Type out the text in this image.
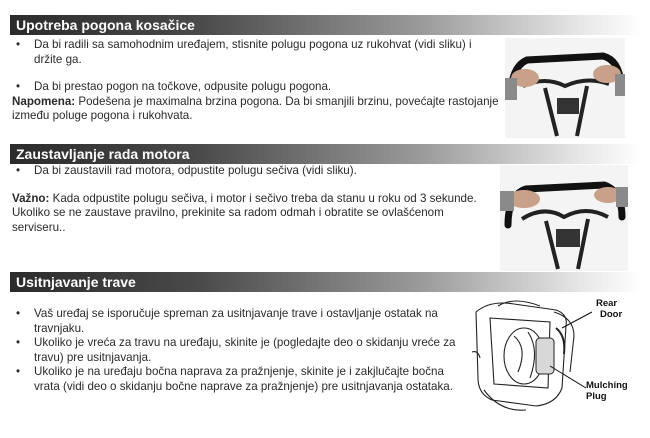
Upotreba pogona kosačice
• Da bi radili sa samohodnim uređajem, stisnite polugu pogona uz rukohvat (vidi sliku) i držite ga.
• Da bi prestao pogon na točkove, odpusite polugu pogona.
Napomena: Podešena je maximalna brzina pogona. Da bi smanjili brzinu, povećajte rastojanje između poluge pogona i rukohvata.
Zaustavljanje rada motora
• Da bi zaustavili rad motora, odpustite polugu sečiva (vidi sliku).
Važno: Kada odpustite polugu sečiva, i motor i sečivo treba da stanu u roku od 3 sekunde. Ukoliko se ne zaustave pravilno, prekinite sa radom odmah i obratite se ovlašćenom serviseru..
Usitnjavanje trave
• Vaš uređaj se isporučuje spreman za usitnjavanje trave i ostavljanje ostatak na travnjaku.
• Ukoliko je vreća za travu na uređaju, skinite je (pogledajte deo o skidanju vreće za travu) pre usitnjavanja.
• Ukoliko je na uređaju bočna naprava za pražnjenje, skinite je i zakjlučajte bočna vrata (vidi deo o skidanju bočne naprave za pražnjenje) pre usitnjavanja ostataka.
Rear
Door
Mulching
Plug
